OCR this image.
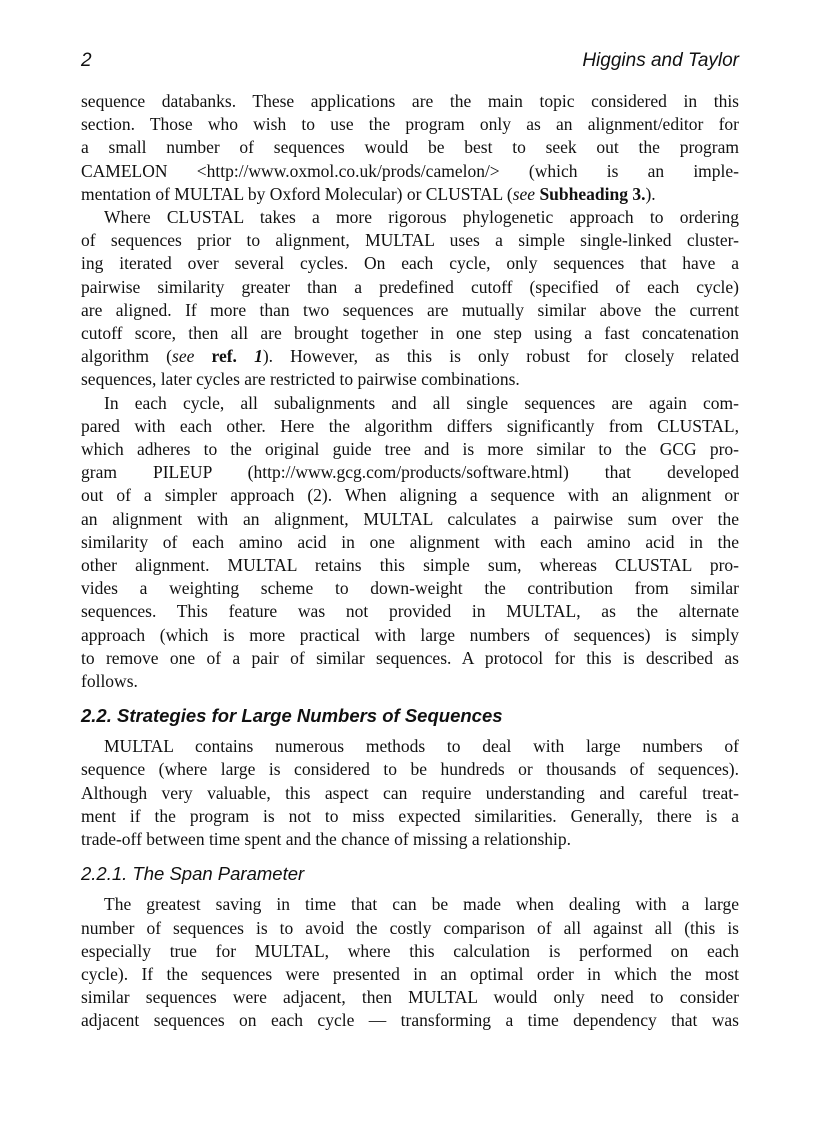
2	Higgins and Taylor
sequence databanks. These applications are the main topic considered in this
section. Those who wish to use the program only as an alignment/editor for
a small number of sequences would be best to seek out the program
CAMELON <http://www.oxmol.co.uk/prods/camelon/> (which is an imple-
mentation of MULTAL by Oxford Molecular) or CLUSTAL (see Subheading 3.).
Where CLUSTAL takes a more rigorous phylogenetic approach to ordering
of sequences prior to alignment, MULTAL uses a simple single-linked cluster-
ing iterated over several cycles. On each cycle, only sequences that have a
pairwise similarity greater than a predefined cutoff (specified of each cycle)
are aligned. If more than two sequences are mutually similar above the current
cutoff score, then all are brought together in one step using a fast concatenation
algorithm (see ref. 1). However, as this is only robust for closely related
sequences, later cycles are restricted to pairwise combinations.
In each cycle, all subalignments and all single sequences are again com-
pared with each other. Here the algorithm differs significantly from CLUSTAL,
which adheres to the original guide tree and is more similar to the GCG pro-
gram PILEUP (http://www.gcg.com/products/software.html) that developed
out of a simpler approach (2). When aligning a sequence with an alignment or
an alignment with an alignment, MULTAL calculates a pairwise sum over the
similarity of each amino acid in one alignment with each amino acid in the
other alignment. MULTAL retains this simple sum, whereas CLUSTAL pro-
vides a weighting scheme to down-weight the contribution from similar
sequences. This feature was not provided in MULTAL, as the alternate
approach (which is more practical with large numbers of sequences) is simply
to remove one of a pair of similar sequences. A protocol for this is described as
follows.
2.2. Strategies for Large Numbers of Sequences
MULTAL contains numerous methods to deal with large numbers of
sequence (where large is considered to be hundreds or thousands of sequences).
Although very valuable, this aspect can require understanding and careful treat-
ment if the program is not to miss expected similarities. Generally, there is a
trade-off between time spent and the chance of missing a relationship.
2.2.1. The Span Parameter
The greatest saving in time that can be made when dealing with a large
number of sequences is to avoid the costly comparison of all against all (this is
especially true for MULTAL, where this calculation is performed on each
cycle). If the sequences were presented in an optimal order in which the most
similar sequences were adjacent, then MULTAL would only need to consider
adjacent sequences on each cycle — transforming a time dependency that was
